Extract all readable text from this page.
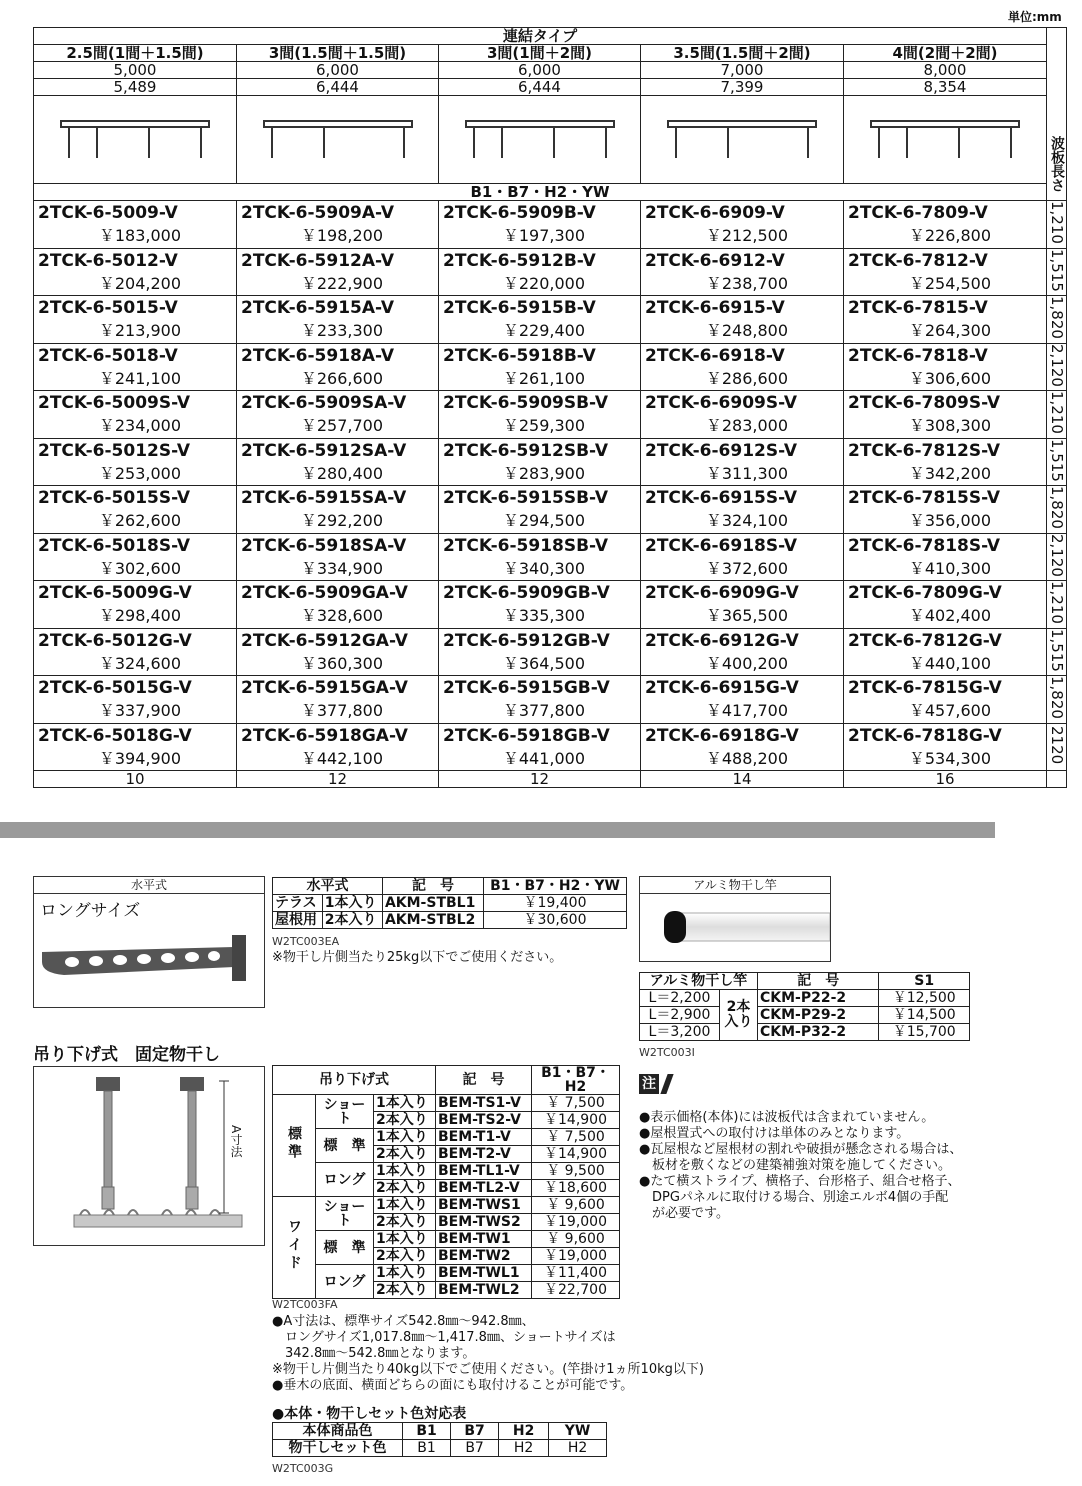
単位:mm
連結タイプ					波板長さ
2.5間(1間＋1.5間)	3間(1.5間＋1.5間)	3間(1間＋2間)	3.5間(1.5間＋2間)	4間(2間＋2間)	
5,000	6,000	6,000	7,000	8,000	
5,489	6,444	6,444	7,399	8,354	

B1・B7・H2・YW					
2TCK-6-5009-V	2TCK-6-5909A-V	2TCK-6-5909B-V	2TCK-6-6909-V	2TCK-6-7809-V	1,210
￥183,000	￥198,200	￥197,300	￥212,500	￥226,800	
2TCK-6-5012-V	2TCK-6-5912A-V	2TCK-6-5912B-V	2TCK-6-6912-V	2TCK-6-7812-V	1,515
￥204,200	￥222,900	￥220,000	￥238,700	￥254,500	
2TCK-6-5015-V	2TCK-6-5915A-V	2TCK-6-5915B-V	2TCK-6-6915-V	2TCK-6-7815-V	1,820
￥213,900	￥233,300	￥229,400	￥248,800	￥264,300	
2TCK-6-5018-V	2TCK-6-5918A-V	2TCK-6-5918B-V	2TCK-6-6918-V	2TCK-6-7818-V	2,120
￥241,100	￥266,600	￥261,100	￥286,600	￥306,600	
2TCK-6-5009S-V	2TCK-6-5909SA-V	2TCK-6-5909SB-V	2TCK-6-6909S-V	2TCK-6-7809S-V	1,210
￥234,000	￥257,700	￥259,300	￥283,000	￥308,300	
2TCK-6-5012S-V	2TCK-6-5912SA-V	2TCK-6-5912SB-V	2TCK-6-6912S-V	2TCK-6-7812S-V	1,515
￥253,000	￥280,400	￥283,900	￥311,300	￥342,200	
2TCK-6-5015S-V	2TCK-6-5915SA-V	2TCK-6-5915SB-V	2TCK-6-6915S-V	2TCK-6-7815S-V	1,820
￥262,600	￥292,200	￥294,500	￥324,100	￥356,000	
2TCK-6-5018S-V	2TCK-6-5918SA-V	2TCK-6-5918SB-V	2TCK-6-6918S-V	2TCK-6-7818S-V	2,120
￥302,600	￥334,900	￥340,300	￥372,600	￥410,300	
2TCK-6-5009G-V	2TCK-6-5909GA-V	2TCK-6-5909GB-V	2TCK-6-6909G-V	2TCK-6-7809G-V	1,210
￥298,400	￥328,600	￥335,300	￥365,500	￥402,400	
2TCK-6-5012G-V	2TCK-6-5912GA-V	2TCK-6-5912GB-V	2TCK-6-6912G-V	2TCK-6-7812G-V	1,515
￥324,600	￥360,300	￥364,500	￥400,200	￥440,100	
2TCK-6-5015G-V	2TCK-6-5915GA-V	2TCK-6-5915GB-V	2TCK-6-6915G-V	2TCK-6-7815G-V	1,820
￥337,900	￥377,800	￥377,800	￥417,700	￥457,600	
2TCK-6-5018G-V	2TCK-6-5918GA-V	2TCK-6-5918GB-V	2TCK-6-6918G-V	2TCK-6-7818G-V	2120
￥394,900	￥442,100	￥441,000	￥488,200	￥534,300	
10	12	12	14	16	
水平式
ロングサイズ
水平式		記　号	B1・B7・H2・YW
テラス	1本入り	AKM-STBL1	￥19,400
屋根用	2本入り	AKM-STBL2	￥30,600
W2TC003EA
※物干し片側当たり25kg以下でご使用ください。
アルミ物干し竿
アルミ物干し竿		記　号	S1
L＝2,200	2本入り	CKM-P22-2	￥12,500
L＝2,900		CKM-P29-2	￥14,500
L＝3,200		CKM-P32-2	￥15,700
W2TC003I
吊り下げ式　固定物干し
A寸法
吊り下げ式			記　号	B1・B7・H2
標準	ショート	1本入り	BEM-TS1-V	￥ 7,500
		2本入り	BEM-TS2-V	￥14,900
	標　準	1本入り	BEM-T1-V	￥ 7,500
		2本入り	BEM-T2-V	￥14,900
	ロング	1本入り	BEM-TL1-V	￥ 9,500
		2本入り	BEM-TL2-V	￥18,600
ワイド	ショート	1本入り	BEM-TWS1	￥ 9,600
		2本入り	BEM-TWS2	￥19,000
	標　準	1本入り	BEM-TW1	￥ 9,600
		2本入り	BEM-TW2	￥19,000
	ロング	1本入り	BEM-TWL1	￥11,400
		2本入り	BEM-TWL2	￥22,700
W2TC003FA
●A寸法は、標準サイズ542.8㎜～942.8㎜、
　ロングサイズ1,017.8㎜～1,417.8㎜、ショートサイズは
　342.8㎜～542.8㎜となります。
※物干し片側当たり40kg以下でご使用ください。(竿掛け1ヵ所10kg以下)
●垂木の底面、横面どちらの面にも取付けることが可能です。
●本体・物干しセット色対応表
本体商品色	B1	B7	H2	YW
物干しセット色	B1	B7	H2	H2
W2TC003G
注
●表示価格(本体)には波板代は含まれていません。
●屋根置式への取付けは単体のみとなります。
●瓦屋根など屋根材の割れや破損が懸念される場合は、
　板材を敷くなどの建築補強対策を施してください。
●たて横ストライプ、横格子、台形格子、組合せ格子、
　DPGパネルに取付ける場合、別途エルボ4個の手配
　が必要です。
